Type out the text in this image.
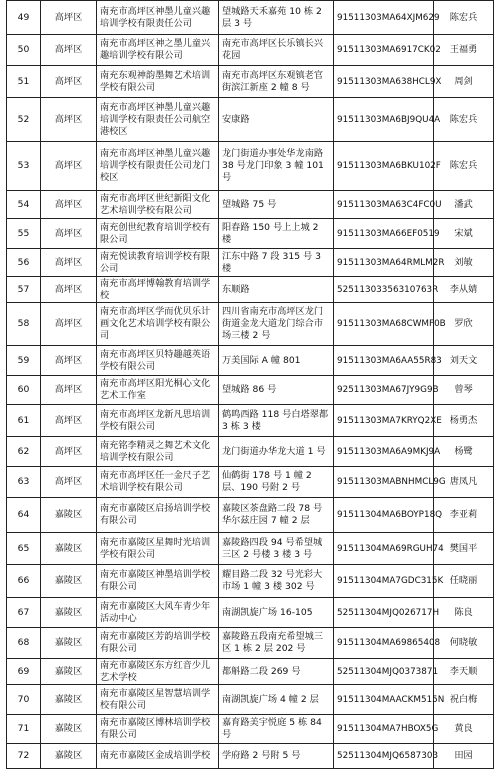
49	高坪区	南充市高坪区神墨儿童兴趣培训学校有限责任公司	望城路天禾嘉苑 10 栋 2 层 3 号	91511303MA64XJM629	陈宏兵
50	高坪区	南充市高坪区神之墨儿童兴趣培训学校有限公司	南充市高坪区长乐镇长兴花园	91511303MA6917CK02	王福勇
51	高坪区	南充东观神韵墨舞艺术培训学校有限公司	南充市高坪区东观镇老官街滨江新座 2 幢 8 号	91511303MA638HCL9X	周剑
52	高坪区	南充市高坪区神墨儿童兴趣培训学校有限责任公司航空港校区	安康路	91511303MA6BJ9QU4A	陈宏兵
53	高坪区	南充市高坪区神墨儿童兴趣培训学校有限责任公司龙门校区	龙门街道办事处华龙南路 38 号龙门印象 3 幢 101 号	91511303MA6BKU102F	陈宏兵
54	高坪区	南充市高坪区世纪新阳文化艺术培训学校有限公司	望城路 75 号	91511303MA63C4FC0U	潘武
55	高坪区	南充创世纪教育培训学校有限公司	阳春路 150 号上上城 2 楼	91511303MA66EF0519	宋斌
56	高坪区	南充悦读教育培训学校有限公司	江东中路 7 段 315 号 3 楼	91511303MA64RMLM2R	刘敏
57	高坪区	南充市高坪博翰教育培训学校	东顺路	52511303356310763R	李从婧
58	高坪区	南充市高坪区学而优贝乐计画文化艺术培训学校有限公司	四川省南充市高坪区龙门街道金龙大道龙门综合市场三楼 2 号	91511303MA68CWMF0B	罗欣
59	高坪区	南充市高坪区贝特趣越英语学校有限公司	万美国际 A 幢 801	91511303MA6AA55R83	刘天文
60	高坪区	南充市高坪区阳光桐心文化艺术工作室	望城路 86 号	92511303MA67JY9G9B	曾琴
61	高坪区	南充市高坪区龙新凡思培训学校有限公司	鹤鸣西路 118 号白塔翠都 3 栋 3 楼	91511303MA7KRYQ2XE	杨勇杰
62	高坪区	南充铭李精灵之舞艺术文化培训学校有限公司	龙门街道办华龙大道 1 号	91511303MA6A9MKJ9A	杨鹭
63	高坪区	南充市高坪区任一金尺子艺术培训学校有限公司	仙鹤街 178 号 1 幢 2 层、190 号附 2 号	91511303MABNHMCL9G	唐凤凡
64	嘉陵区	南充市嘉陵区启扬培训学校有限公司	嘉陵区茶盘路二段 78 号华尔兹庄园 7 幢 2 层	91511304MA6BOYP18Q	李亚莉
65	嘉陵区	南充市嘉陵区星舞时光培训学校有限公司	嘉陵路四段 94 号希望城三区 2 号楼 3 楼 3 号	91511304MA69RGUH74	樊国平
66	嘉陵区	南充市嘉陵区神墨培训学校有限公司	耀目路二段 32 号光彩大市场 1 幢 3 楼 302 号	91511304MA7GDC315K	任晓丽
67	嘉陵区	南充市嘉陵区大风车青少年活动中心	南湖凯旋广场 16-105	52511304MJQ026717H	陈良
68	嘉陵区	南充市嘉陵区芳韵培训学校有限公司	嘉陵路五段南充希望城三区 1 栋 2 层 202 号	91511304MA69865408	何晓敏
69	嘉陵区	南充市嘉陵区东方红音少儿艺术学校	都斛路二段 269 号	52511304MJQ0373871	李天顺
70	嘉陵区	南充市嘉陵区星智慧培训学校有限公司	南湖凯旋广场 4 幢 2 层	91511304MAACKM515N	祝白梅
71	嘉陵区	南充市嘉陵区博林培训学校有限公司	嘉育路美宇悦庭 5 栋 84 号	91511304MA7HBOX5G	黄良
72	嘉陵区	南充市嘉陵区金成培训学校	学府路 2 号附 5 号	52511304MJQ6587303	田园
